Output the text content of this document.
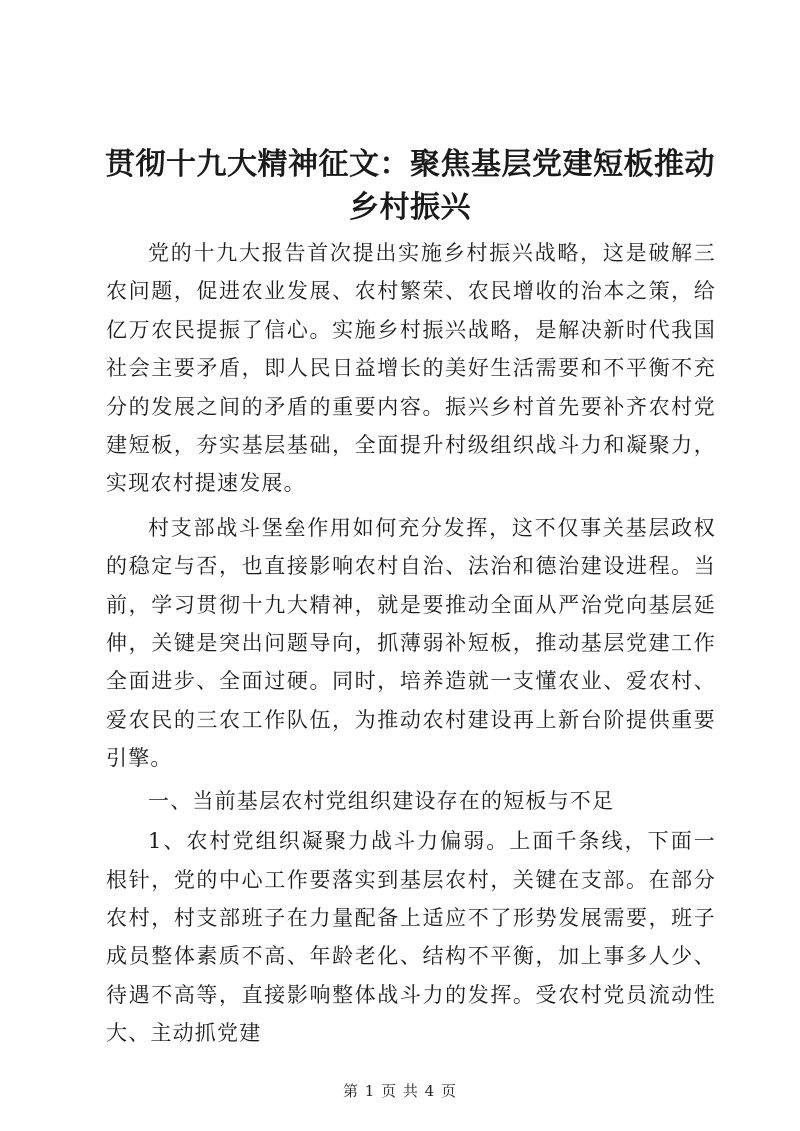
贯彻十九大精神征文：聚焦基层党建短板推动
乡村振兴

党的十九大报告首次提出实施乡村振兴战略，这是破解三农问题，促进农业发展、农村繁荣、农民增收的治本之策，给亿万农民提振了信心。实施乡村振兴战略，是解决新时代我国社会主要矛盾，即人民日益增长的美好生活需要和不平衡不充分的发展之间的矛盾的重要内容。振兴乡村首先要补齐农村党建短板，夯实基层基础，全面提升村级组织战斗力和凝聚力，实现农村提速发展。

村支部战斗堡垒作用如何充分发挥，这不仅事关基层政权的稳定与否，也直接影响农村自治、法治和德治建设进程。当前，学习贯彻十九大精神，就是要推动全面从严治党向基层延伸，关键是突出问题导向，抓薄弱补短板，推动基层党建工作全面进步、全面过硬。同时，培养造就一支懂农业、爱农村、爱农民的三农工作队伍，为推动农村建设再上新台阶提供重要引擎。

一、当前基层农村党组织建设存在的短板与不足

1、农村党组织凝聚力战斗力偏弱。上面千条线，下面一根针，党的中心工作要落实到基层农村，关键在支部。在部分农村，村支部班子在力量配备上适应不了形势发展需要，班子成员整体素质不高、年龄老化、结构不平衡，加上事多人少、待遇不高等，直接影响整体战斗力的发挥。受农村党员流动性大、主动抓党建

第 1 页 共 4 页
